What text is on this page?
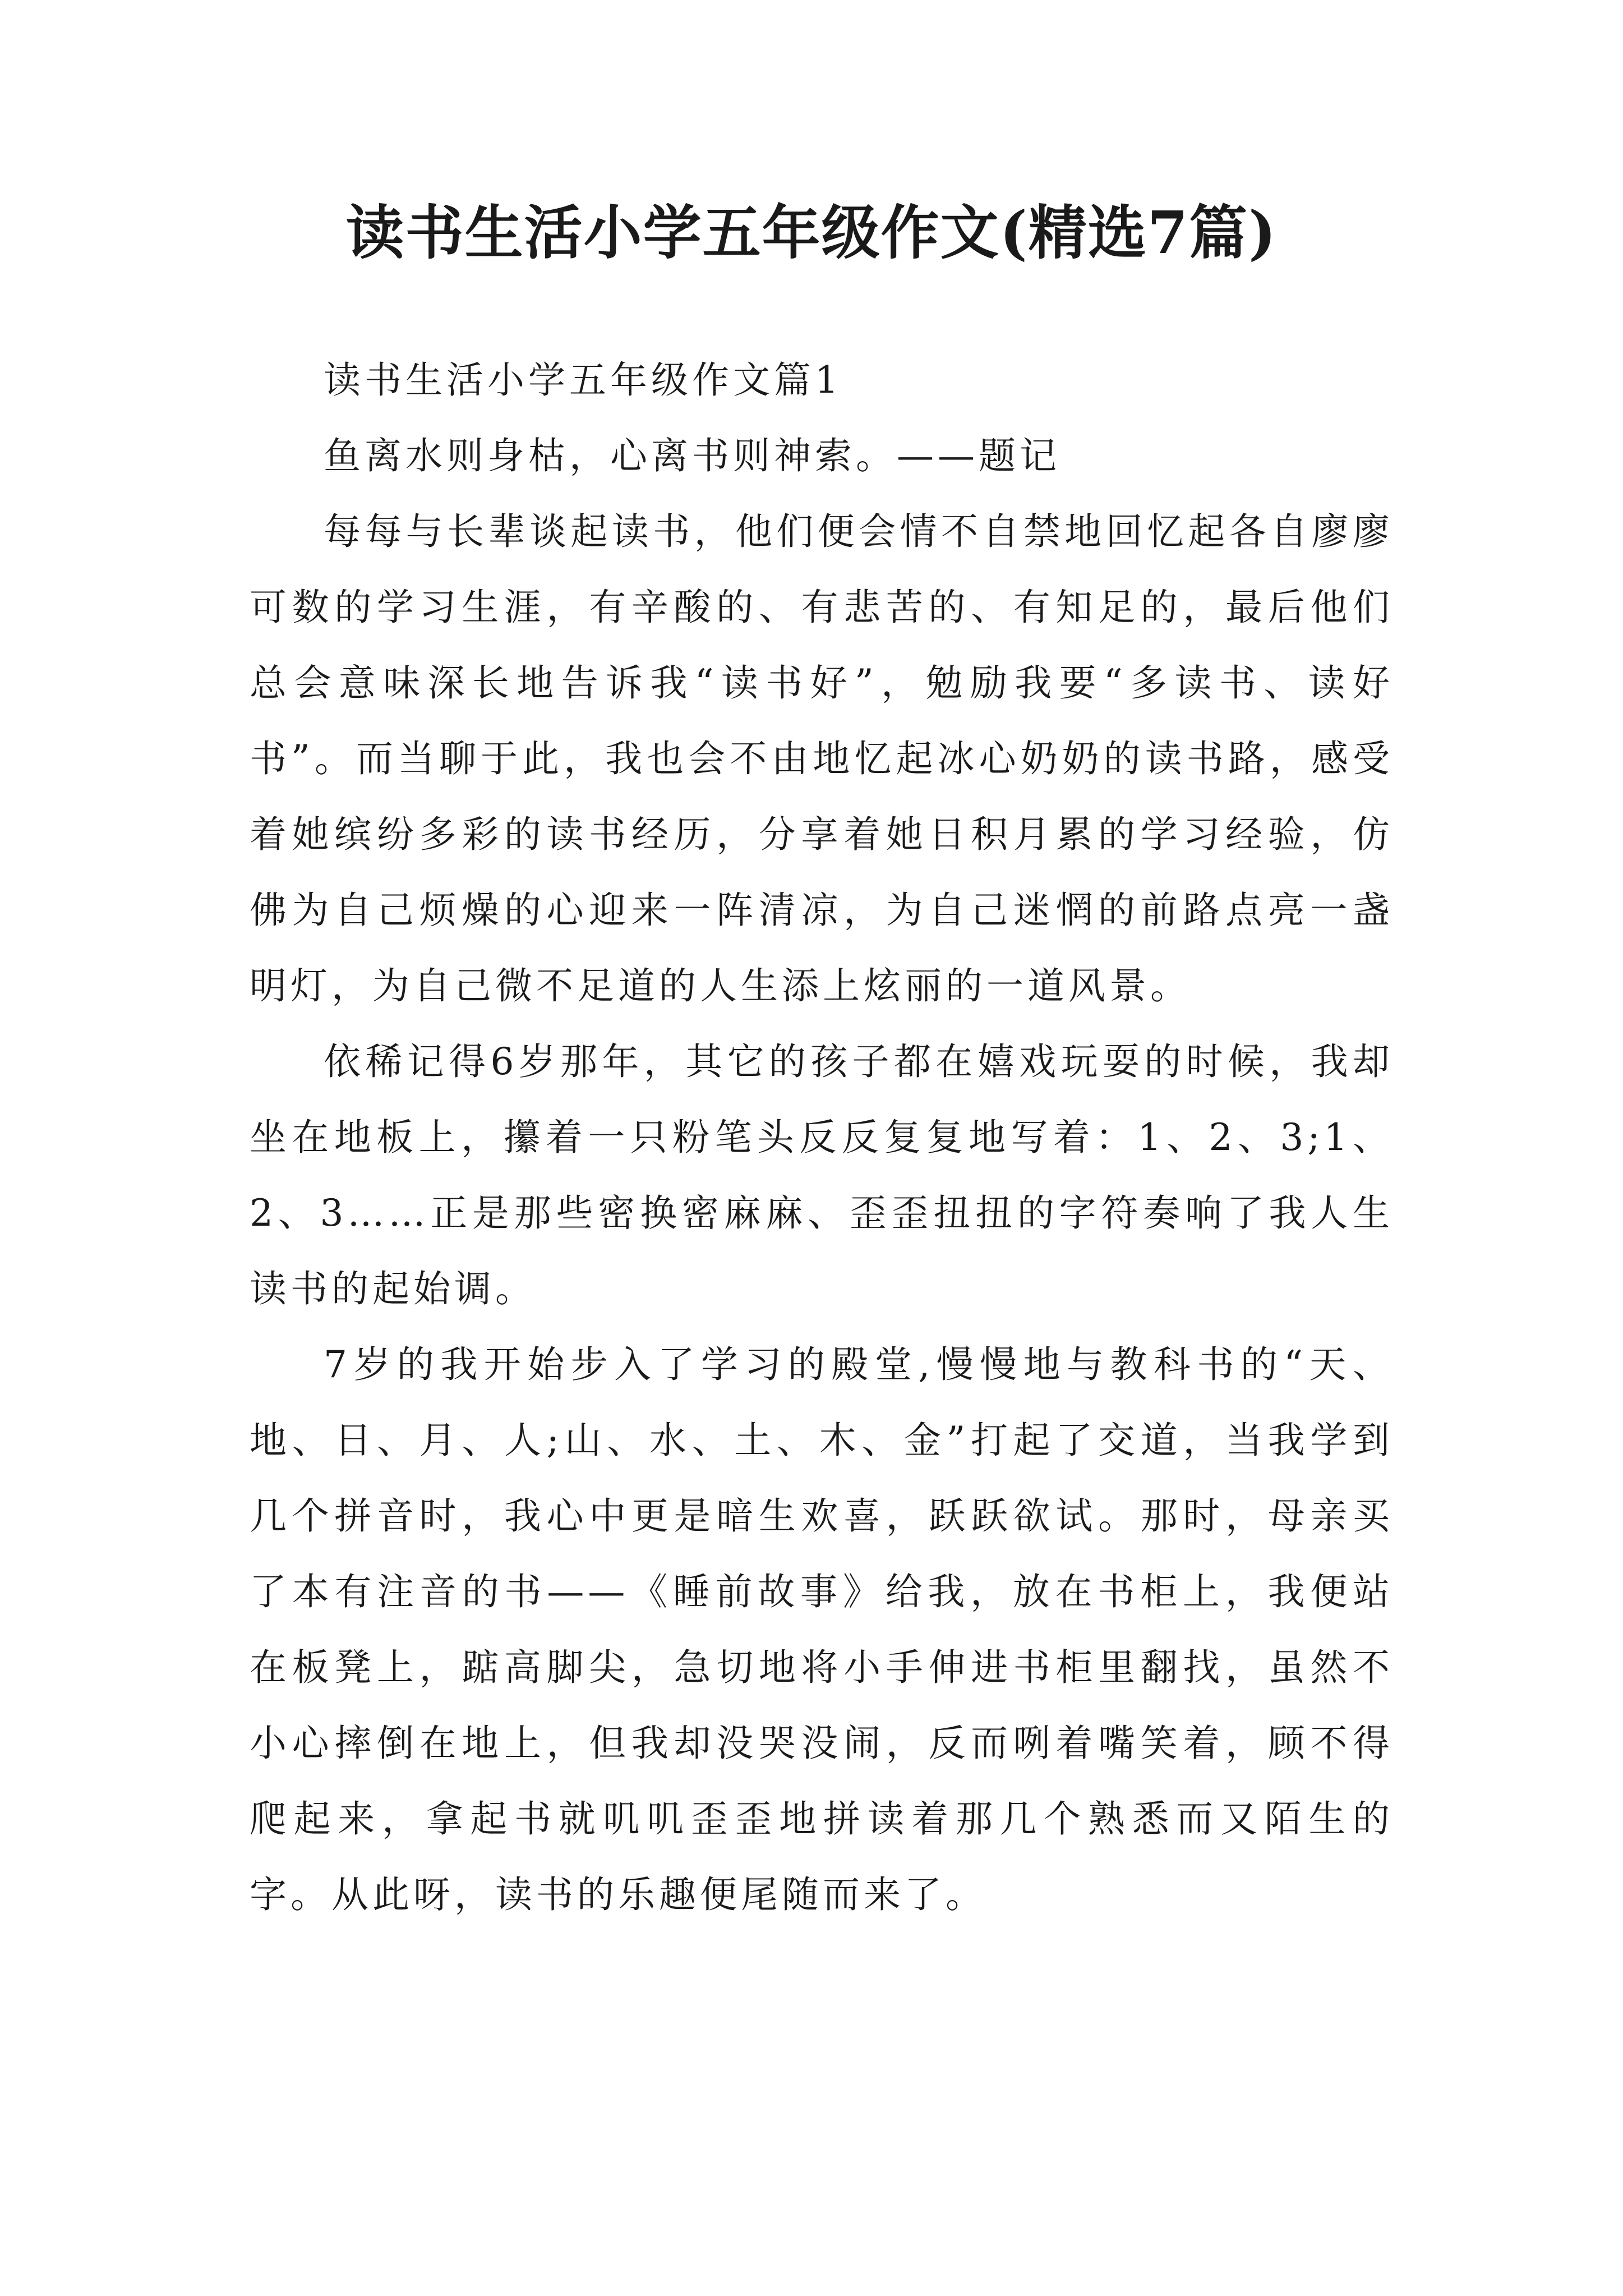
读书生活小学五年级作文(精选7篇)

读书生活小学五年级作文篇1

鱼离水则身枯，心离书则神索。——题记

每每与长辈谈起读书，他们便会情不自禁地回忆起各自廖廖可数的学习生涯，有辛酸的、有悲苦的、有知足的，最后他们总会意味深长地告诉我“读书好”，勉励我要“多读书、读好书”。而当聊于此，我也会不由地忆起冰心奶奶的读书路，感受着她缤纷多彩的读书经历，分享着她日积月累的学习经验，仿佛为自己烦燥的心迎来一阵清凉，为自己迷惘的前路点亮一盏明灯，为自己微不足道的人生添上炫丽的一道风景。

依稀记得6岁那年，其它的孩子都在嬉戏玩耍的时候，我却坐在地板上，攥着一只粉笔头反反复复地写着：1、2、3;1、2、3……正是那些密换密麻麻、歪歪扭扭的字符奏响了我人生读书的起始调。

7岁的我开始步入了学习的殿堂,慢慢地与教科书的“天、地、日、月、人;山、水、土、木、金”打起了交道，当我学到几个拼音时，我心中更是暗生欢喜，跃跃欲试。那时，母亲买了本有注音的书——《睡前故事》给我，放在书柜上，我便站在板凳上，踮高脚尖，急切地将小手伸进书柜里翻找，虽然不小心摔倒在地上，但我却没哭没闹，反而咧着嘴笑着，顾不得爬起来，拿起书就叽叽歪歪地拼读着那几个熟悉而又陌生的字。从此呀，读书的乐趣便尾随而来了。
